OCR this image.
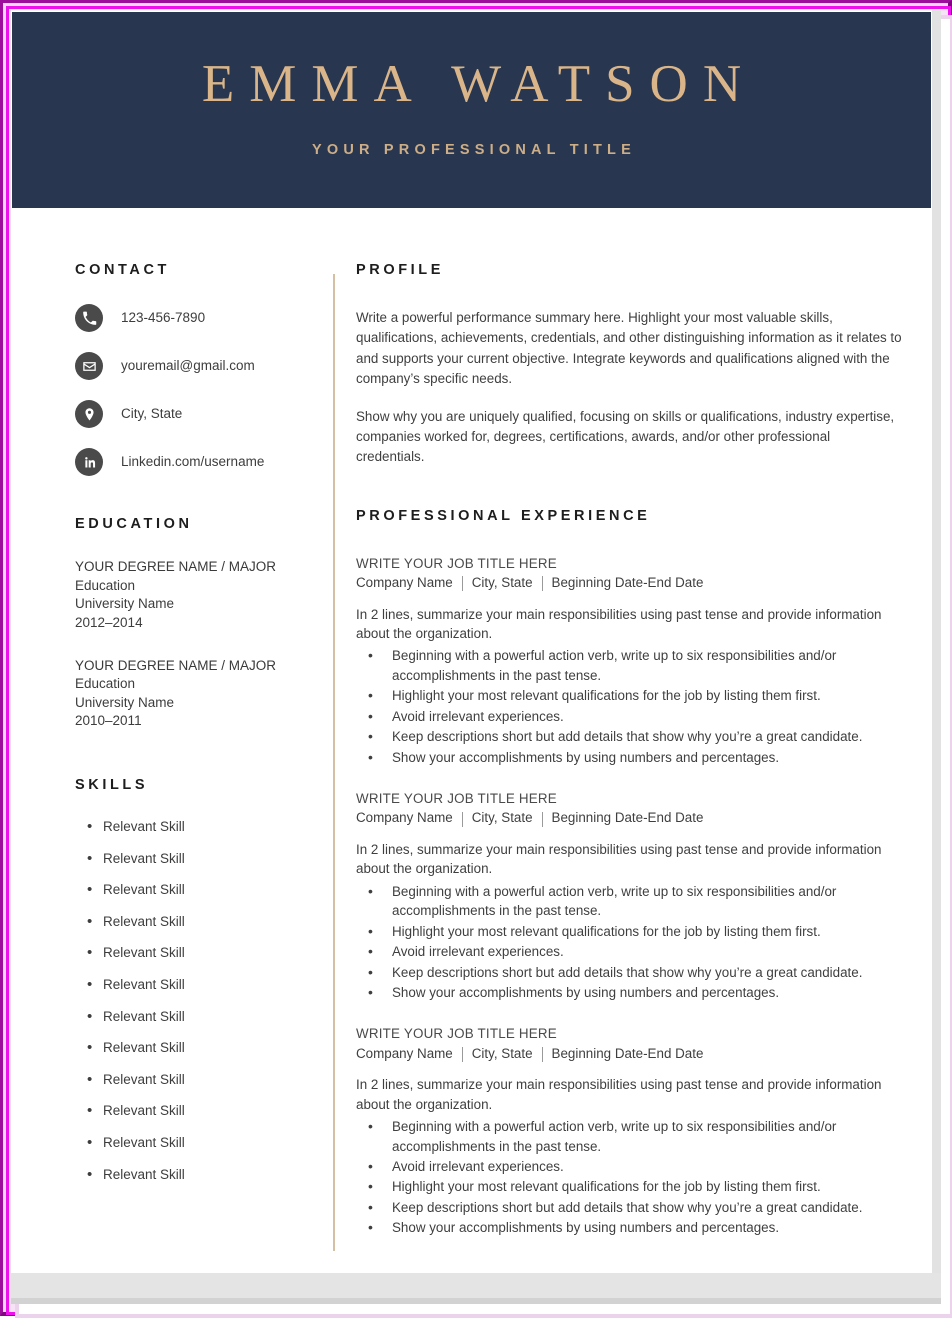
EMMA WATSON
YOUR PROFESSIONAL TITLE
CONTACT
123-456-7890
youremail@gmail.com
City, State
Linkedin.com/username
EDUCATION
YOUR DEGREE NAME / MAJOR
Education
University Name
2012–2014
YOUR DEGREE NAME / MAJOR
Education
University Name
2010–2011
SKILLS
• Relevant Skill
• Relevant Skill
• Relevant Skill
• Relevant Skill
• Relevant Skill
• Relevant Skill
• Relevant Skill
• Relevant Skill
• Relevant Skill
• Relevant Skill
• Relevant Skill
• Relevant Skill
PROFILE

Write a powerful performance summary here. Highlight your most valuable skills, qualifications, achievements, credentials, and other distinguishing information as it relates to and supports your current objective. Integrate keywords and qualifications aligned with the company’s specific needs.

Show why you are uniquely qualified, focusing on skills or qualifications, industry expertise, companies worked for, degrees, certifications, awards, and/or other professional credentials.

PROFESSIONAL EXPERIENCE
WRITE YOUR JOB TITLE HERE
Company Name City, State Beginning Date-End Date

In 2 lines, summarize your main responsibilities using past tense and provide information about the organization.

•	Beginning with a powerful action verb, write up to six responsibilities and/or accomplishments in the past tense.
•	Highlight your most relevant qualifications for the job by listing them first.
•	Avoid irrelevant experiences.
•	Keep descriptions short but add details that show why you’re a great candidate.
•	Show your accomplishments by using numbers and percentages.
WRITE YOUR JOB TITLE HERE
Company Name City, State Beginning Date-End Date

In 2 lines, summarize your main responsibilities using past tense and provide information about the organization.

•	Beginning with a powerful action verb, write up to six responsibilities and/or accomplishments in the past tense.
•	Highlight your most relevant qualifications for the job by listing them first.
•	Avoid irrelevant experiences.
•	Keep descriptions short but add details that show why you’re a great candidate.
•	Show your accomplishments by using numbers and percentages.
WRITE YOUR JOB TITLE HERE
Company Name City, State Beginning Date-End Date

In 2 lines, summarize your main responsibilities using past tense and provide information about the organization.

•	Beginning with a powerful action verb, write up to six responsibilities and/or accomplishments in the past tense.
•	Avoid irrelevant experiences.
•	Highlight your most relevant qualifications for the job by listing them first.
•	Keep descriptions short but add details that show why you’re a great candidate.
•	Show your accomplishments by using numbers and percentages.
